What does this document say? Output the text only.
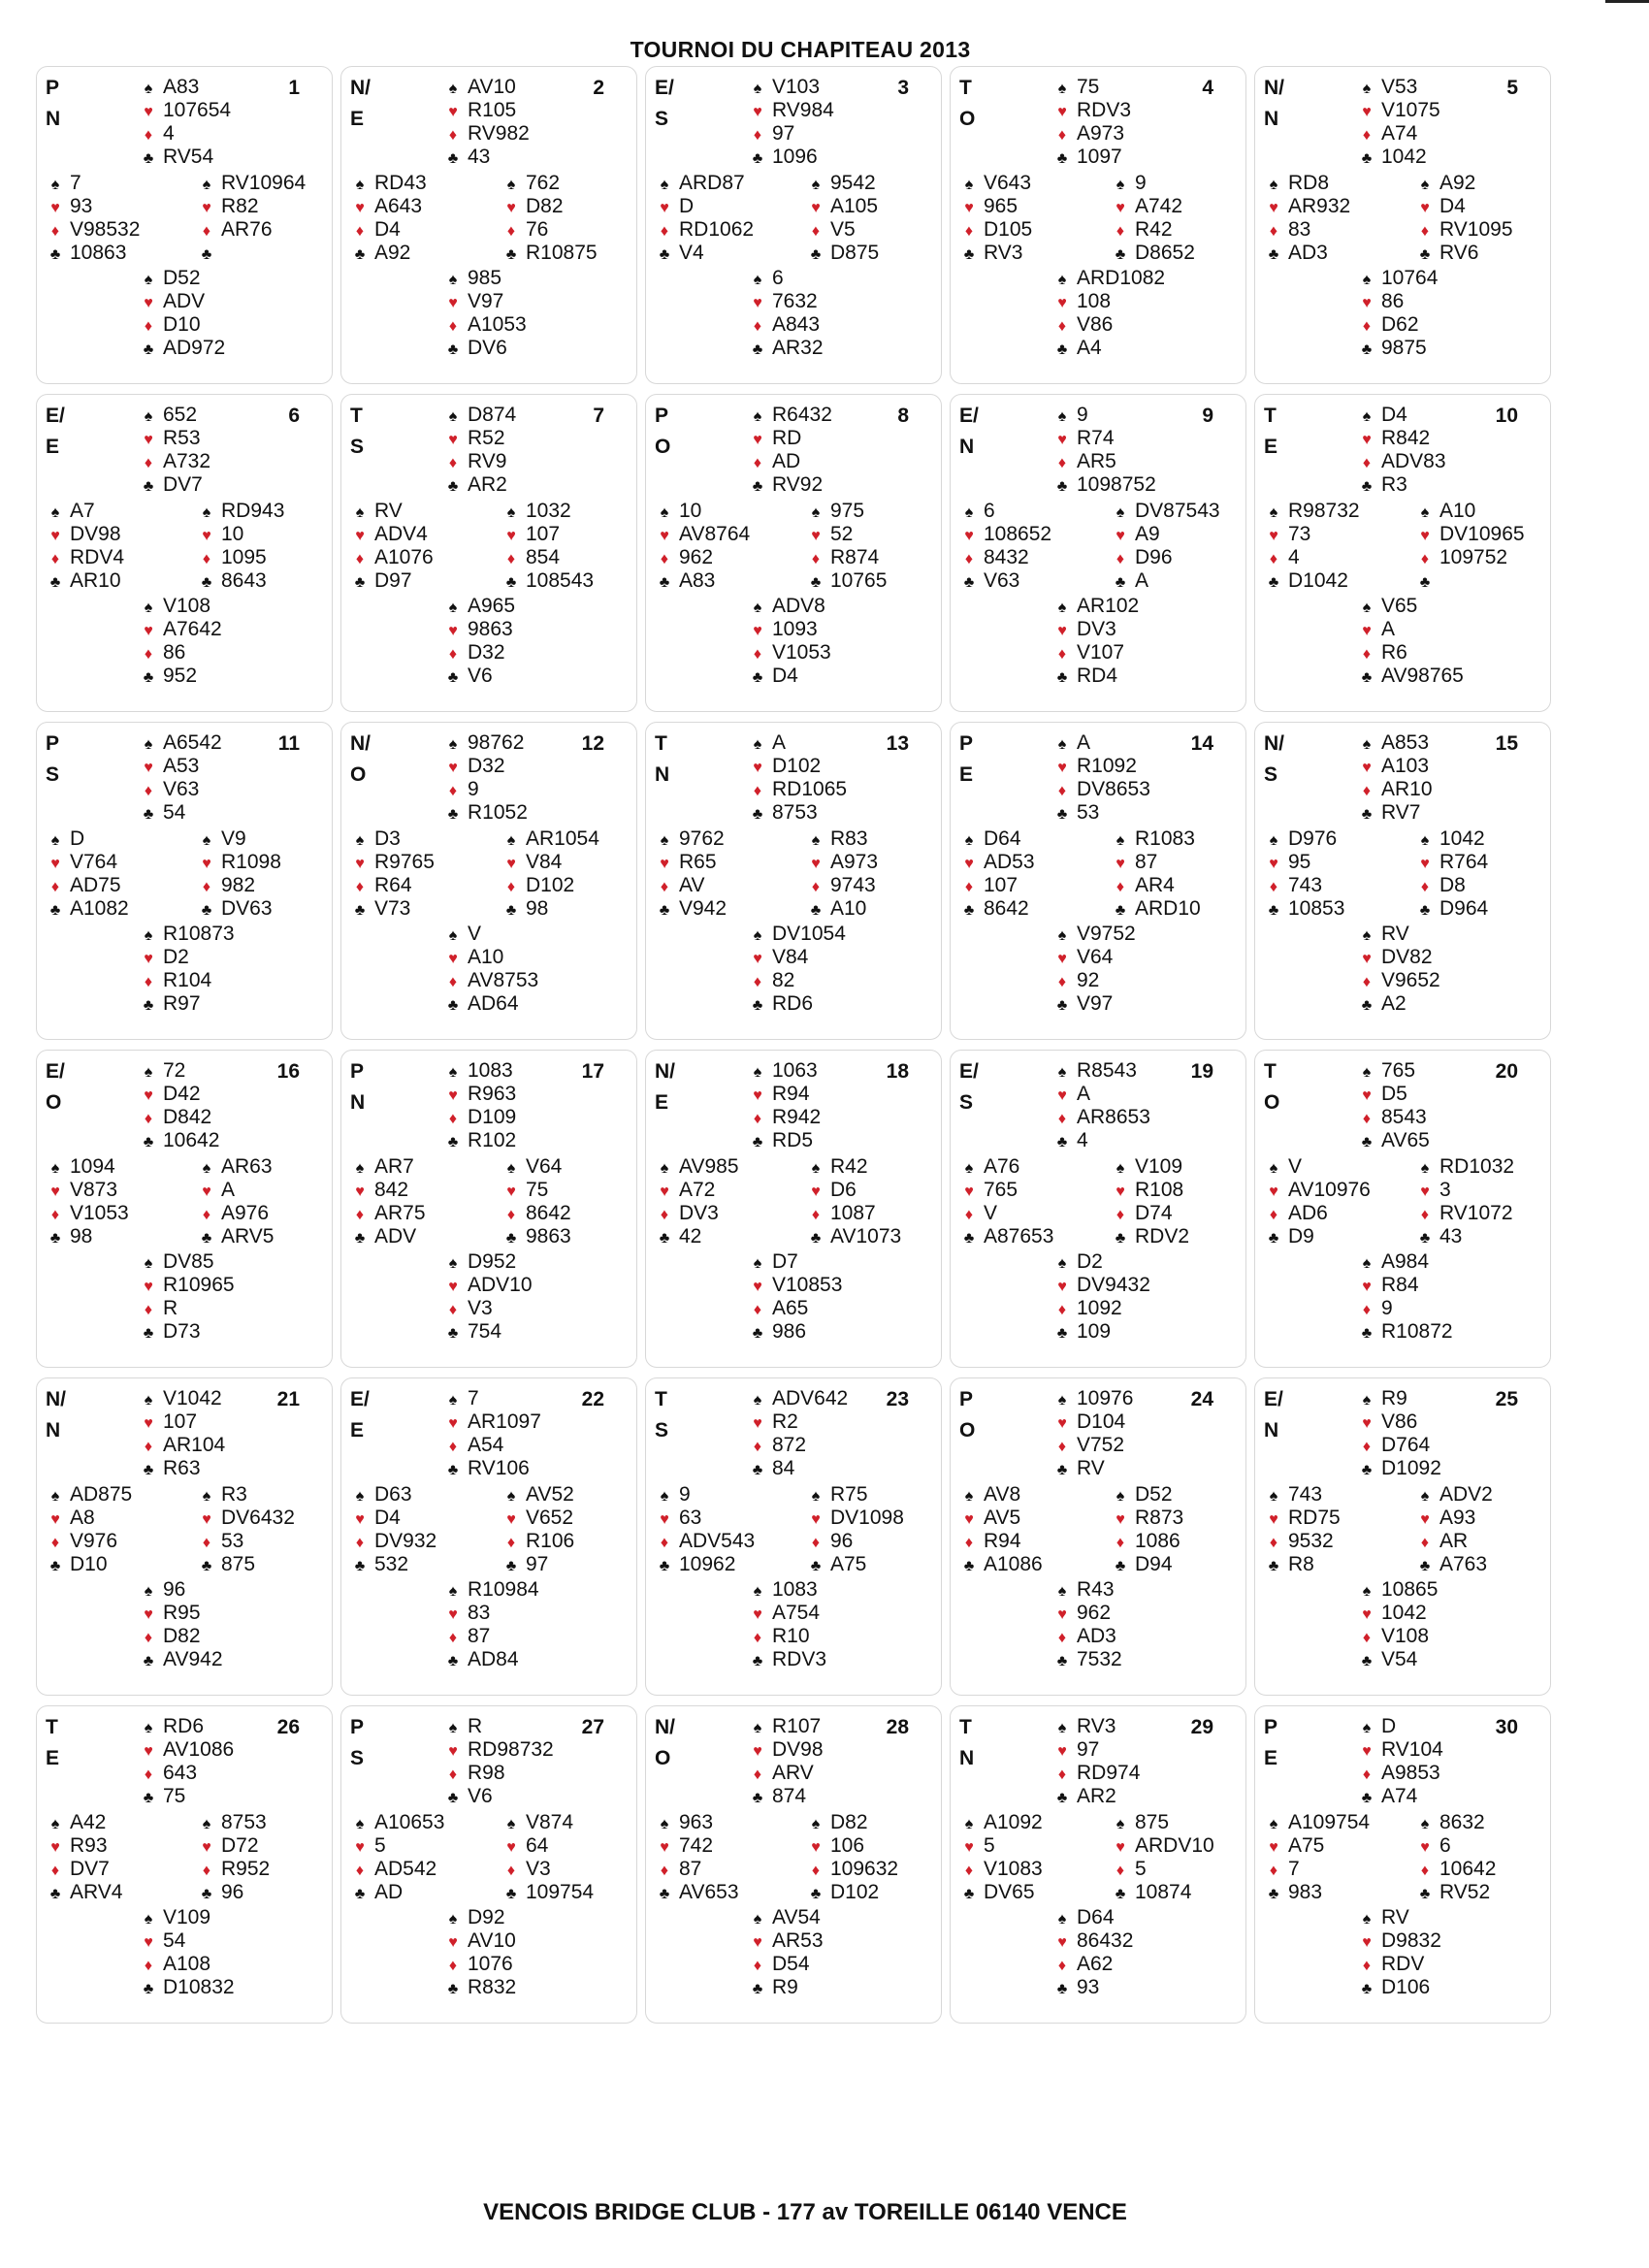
TOURNOI DU CHAPITEAU 2013
P
N
1
♠ A83
♥ 107654
♦ 4
♣ RV54
♠ 7
♥ 93
♦ V98532
♣ 10863
♠ RV10964
♥ R82
♦ AR76
♣
♠ D52
♥ ADV
♦ D10
♣ AD972
N/
E
2
♠ AV10
♥ R105
♦ RV982
♣ 43
♠ RD43
♥ A643
♦ D4
♣ A92
♠ 762
♥ D82
♦ 76
♣ R10875
♠ 985
♥ V97
♦ A1053
♣ DV6
E/
S
3
♠ V103
♥ RV984
♦ 97
♣ 1096
♠ ARD87
♥ D
♦ RD1062
♣ V4
♠ 9542
♥ A105
♦ V5
♣ D875
♠ 6
♥ 7632
♦ A843
♣ AR32
T
O
4
♠ 75
♥ RDV3
♦ A973
♣ 1097
♠ V643
♥ 965
♦ D105
♣ RV3
♠ 9
♥ A742
♦ R42
♣ D8652
♠ ARD1082
♥ 108
♦ V86
♣ A4
N/
N
5
♠ V53
♥ V1075
♦ A74
♣ 1042
♠ RD8
♥ AR932
♦ 83
♣ AD3
♠ A92
♥ D4
♦ RV1095
♣ RV6
♠ 10764
♥ 86
♦ D62
♣ 9875
E/
E
6
♠ 652
♥ R53
♦ A732
♣ DV7
♠ A7
♥ DV98
♦ RDV4
♣ AR10
♠ RD943
♥ 10
♦ 1095
♣ 8643
♠ V108
♥ A7642
♦ 86
♣ 952
T
S
7
♠ D874
♥ R52
♦ RV9
♣ AR2
♠ RV
♥ ADV4
♦ A1076
♣ D97
♠ 1032
♥ 107
♦ 854
♣ 108543
♠ A965
♥ 9863
♦ D32
♣ V6
P
O
8
♠ R6432
♥ RD
♦ AD
♣ RV92
♠ 10
♥ AV8764
♦ 962
♣ A83
♠ 975
♥ 52
♦ R874
♣ 10765
♠ ADV8
♥ 1093
♦ V1053
♣ D4
E/
N
9
♠ 9
♥ R74
♦ AR5
♣ 1098752
♠ 6
♥ 108652
♦ 8432
♣ V63
♠ DV87543
♥ A9
♦ D96
♣ A
♠ AR102
♥ DV3
♦ V107
♣ RD4
T
E
10
♠ D4
♥ R842
♦ ADV83
♣ R3
♠ R98732
♥ 73
♦ 4
♣ D1042
♠ A10
♥ DV10965
♦ 109752
♣
♠ V65
♥ A
♦ R6
♣ AV98765
P
S
11
♠ A6542
♥ A53
♦ V63
♣ 54
♠ D
♥ V764
♦ AD75
♣ A1082
♠ V9
♥ R1098
♦ 982
♣ DV63
♠ R10873
♥ D2
♦ R104
♣ R97
N/
O
12
♠ 98762
♥ D32
♦ 9
♣ R1052
♠ D3
♥ R9765
♦ R64
♣ V73
♠ AR1054
♥ V84
♦ D102
♣ 98
♠ V
♥ A10
♦ AV8753
♣ AD64
T
N
13
♠ A
♥ D102
♦ RD1065
♣ 8753
♠ 9762
♥ R65
♦ AV
♣ V942
♠ R83
♥ A973
♦ 9743
♣ A10
♠ DV1054
♥ V84
♦ 82
♣ RD6
P
E
14
♠ A
♥ R1092
♦ DV8653
♣ 53
♠ D64
♥ AD53
♦ 107
♣ 8642
♠ R1083
♥ 87
♦ AR4
♣ ARD10
♠ V9752
♥ V64
♦ 92
♣ V97
N/
S
15
♠ A853
♥ A103
♦ AR10
♣ RV7
♠ D976
♥ 95
♦ 743
♣ 10853
♠ 1042
♥ R764
♦ D8
♣ D964
♠ RV
♥ DV82
♦ V9652
♣ A2
E/
O
16
♠ 72
♥ D42
♦ D842
♣ 10642
♠ 1094
♥ V873
♦ V1053
♣ 98
♠ AR63
♥ A
♦ A976
♣ ARV5
♠ DV85
♥ R10965
♦ R
♣ D73
P
N
17
♠ 1083
♥ R963
♦ D109
♣ R102
♠ AR7
♥ 842
♦ AR75
♣ ADV
♠ V64
♥ 75
♦ 8642
♣ 9863
♠ D952
♥ ADV10
♦ V3
♣ 754
N/
E
18
♠ 1063
♥ R94
♦ R942
♣ RD5
♠ AV985
♥ A72
♦ DV3
♣ 42
♠ R42
♥ D6
♦ 1087
♣ AV1073
♠ D7
♥ V10853
♦ A65
♣ 986
E/
S
19
♠ R8543
♥ A
♦ AR8653
♣ 4
♠ A76
♥ 765
♦ V
♣ A87653
♠ V109
♥ R108
♦ D74
♣ RDV2
♠ D2
♥ DV9432
♦ 1092
♣ 109
T
O
20
♠ 765
♥ D5
♦ 8543
♣ AV65
♠ V
♥ AV10976
♦ AD6
♣ D9
♠ RD1032
♥ 3
♦ RV1072
♣ 43
♠ A984
♥ R84
♦ 9
♣ R10872
N/
N
21
♠ V1042
♥ 107
♦ AR104
♣ R63
♠ AD875
♥ A8
♦ V976
♣ D10
♠ R3
♥ DV6432
♦ 53
♣ 875
♠ 96
♥ R95
♦ D82
♣ AV942
E/
E
22
♠ 7
♥ AR1097
♦ A54
♣ RV106
♠ D63
♥ D4
♦ DV932
♣ 532
♠ AV52
♥ V652
♦ R106
♣ 97
♠ R10984
♥ 83
♦ 87
♣ AD84
T
S
23
♠ ADV642
♥ R2
♦ 872
♣ 84
♠ 9
♥ 63
♦ ADV543
♣ 10962
♠ R75
♥ DV1098
♦ 96
♣ A75
♠ 1083
♥ A754
♦ R10
♣ RDV3
P
O
24
♠ 10976
♥ D104
♦ V752
♣ RV
♠ AV8
♥ AV5
♦ R94
♣ A1086
♠ D52
♥ R873
♦ 1086
♣ D94
♠ R43
♥ 962
♦ AD3
♣ 7532
E/
N
25
♠ R9
♥ V86
♦ D764
♣ D1092
♠ 743
♥ RD75
♦ 9532
♣ R8
♠ ADV2
♥ A93
♦ AR
♣ A763
♠ 10865
♥ 1042
♦ V108
♣ V54
T
E
26
♠ RD6
♥ AV1086
♦ 643
♣ 75
♠ A42
♥ R93
♦ DV7
♣ ARV4
♠ 8753
♥ D72
♦ R952
♣ 96
♠ V109
♥ 54
♦ A108
♣ D10832
P
S
27
♠ R
♥ RD98732
♦ R98
♣ V6
♠ A10653
♥ 5
♦ AD542
♣ AD
♠ V874
♥ 64
♦ V3
♣ 109754
♠ D92
♥ AV10
♦ 1076
♣ R832
N/
O
28
♠ R107
♥ DV98
♦ ARV
♣ 874
♠ 963
♥ 742
♦ 87
♣ AV653
♠ D82
♥ 106
♦ 109632
♣ D102
♠ AV54
♥ AR53
♦ D54
♣ R9
T
N
29
♠ RV3
♥ 97
♦ RD974
♣ AR2
♠ A1092
♥ 5
♦ V1083
♣ DV65
♠ 875
♥ ARDV10
♦ 5
♣ 10874
♠ D64
♥ 86432
♦ A62
♣ 93
P
E
30
♠ D
♥ RV104
♦ A9853
♣ A74
♠ A109754
♥ A75
♦ 7
♣ 983
♠ 8632
♥ 6
♦ 10642
♣ RV52
♠ RV
♥ D9832
♦ RDV
♣ D106
VENCOIS BRIDGE CLUB - 177 av TOREILLE 06140 VENCE
